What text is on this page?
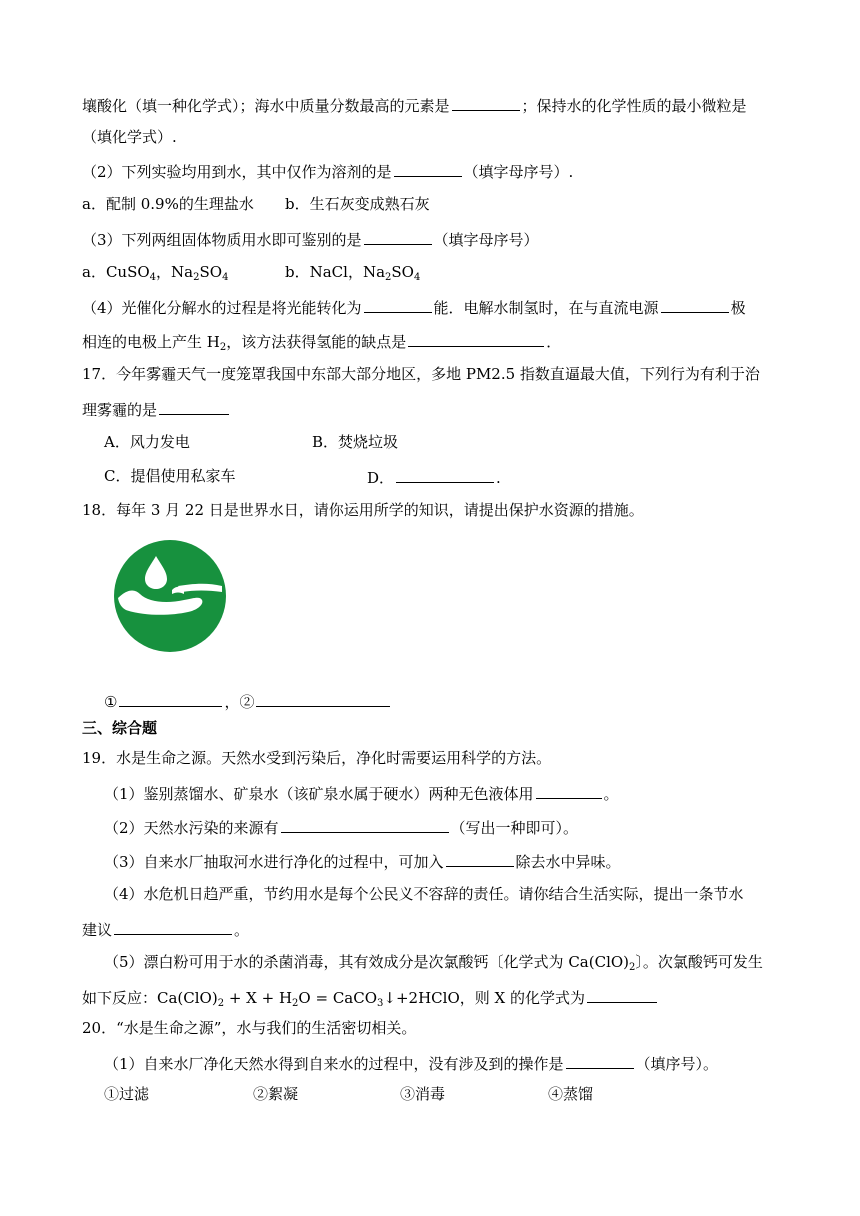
壤酸化（填一种化学式）；海水中质量分数最高的元素是	；保持水的化学性质的最小微粒是
（填化学式）.
（2）下列实验均用到水，其中仅作为溶剂的是	（填字母序号）.
a．配制 0.9%的生理盐水 b．生石灰变成熟石灰
（3）下列两组固体物质用水即可鉴别的是	（填字母序号）
a．CuSO$_4$，$Na_2SO_4$	b．NaCl，$Na_2SO_4$
（4）光催化分解水的过程是将光能转化为	能．电解水制氢时，在与直流电源	极
相连的电极上产生 $H_2$，该方法获得氢能的缺点是	．
17．今年雾霾天气一度笼罩我国中东部大部分地区，多地 PM2.5 指数直逼最大值，下列行为有利于治
理雾霾的是
A．风力发电	B．焚烧垃圾
C．提倡使用私家车	D．	.
18．每年 3 月 22 日是世界水日，请你运用所学的知识，请提出保护水资源的措施。
①	，②
三、综合题
19．水是生命之源。天然水受到污染后，净化时需要运用科学的方法。
（1）鉴别蒸馏水、矿泉水（该矿泉水属于硬水）两种无色液体用	。
（2）天然水污染的来源有	（写出一种即可）。
（3）自来水厂抽取河水进行净化的过程中，可加入	除去水中异味。
（4）水危机日趋严重，节约用水是每个公民义不容辞的责任。请你结合生活实际，提出一条节水
建议	。
（5）漂白粉可用于水的杀菌消毒，其有效成分是次氯酸钙〔化学式为 $Ca(ClO)_2$〕。次氯酸钙可发生
如下反应：$Ca(ClO)_2 + X + H_2O$ = CaCO$_3$↓+2HClO，则 X 的化学式为
20．“水是生命之源”，水与我们的生活密切相关。
（1）自来水厂净化天然水得到自来水的过程中，没有涉及到的操作是	（填序号）。
①过滤	②絮凝	③消毒	④蒸馏
